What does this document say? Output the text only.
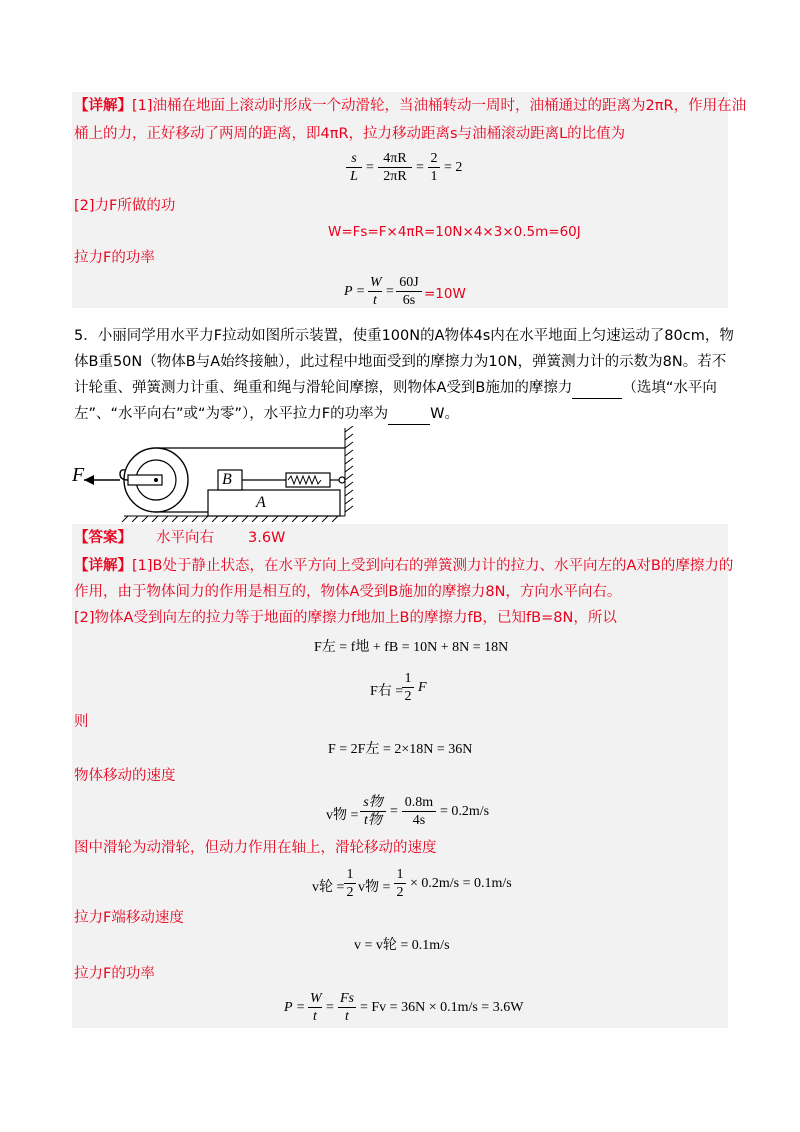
【详解】[1]油桶在地面上滚动时形成一个动滑轮，当油桶转动一周时，油桶通过的距离为2πR，作用在油
桶上的力，正好移动了两周的距离，即4πR，拉力移动距离s与油桶滚动距离L的比值为
$\frac{s}{L} = \frac{4\pi R}{2\pi R} = \frac{2}{1} = 2$
[2]力F所做的功
W=Fs=F×4πR=10N×4×3×0.5m=60J
拉力F的功率
$P = \frac{W}{t} = \frac{60J}{6s} =10W$
5．小丽同学用水平力F拉动如图所示装置，使重100N的A物体4s内在水平地面上匀速运动了80cm，物
体B重50N（物体B与A始终接触），此过程中地面受到的摩擦力为10N，弹簧测力计的示数为8N。若不
计轮重、弹簧测力计重、绳重和绳与滑轮间摩擦，则物体A受到B施加的摩擦力	（选填“水平向
左”、“水平向右”或“为零”），水平拉力F的功率为	W。
F	B
A
【答案】 水平向右 3.6W
【详解】[1]B处于静止状态，在水平方向上受到向右的弹簧测力计的拉力、水平向左的A对B的摩擦力的
作用，由于物体间力的作用是相互的，物体A受到B施加的摩擦力8N，方向水平向右。
[2]物体A受到向左的拉力等于地面的摩擦力f地加上B的摩擦力fB，已知fB=8N，所以
F左 = f地 + fB = 10N + 8N = 18N
F右 =
$\frac{1}{2}$ F
则
F = 2F左 = 2×18N = 36N
物体移动的速度
v物 =
s物
t物
= $\frac{0.8m}{4s} = 0.2m/s$
图中滑轮为动滑轮，但动力作用在轴上，滑轮移动的速度
v轮 = $\frac{1}{2}$ v物 = $\frac{1}{2} \times 0.2m/s = 0.1m/s$
拉力F端移动速度
v = v轮 = 0.1m/s
拉力F的功率
$P = \frac{W}{t} = \frac{Fs}{t} = Fv = 36N \times 0.1m/s = 3.6W$
